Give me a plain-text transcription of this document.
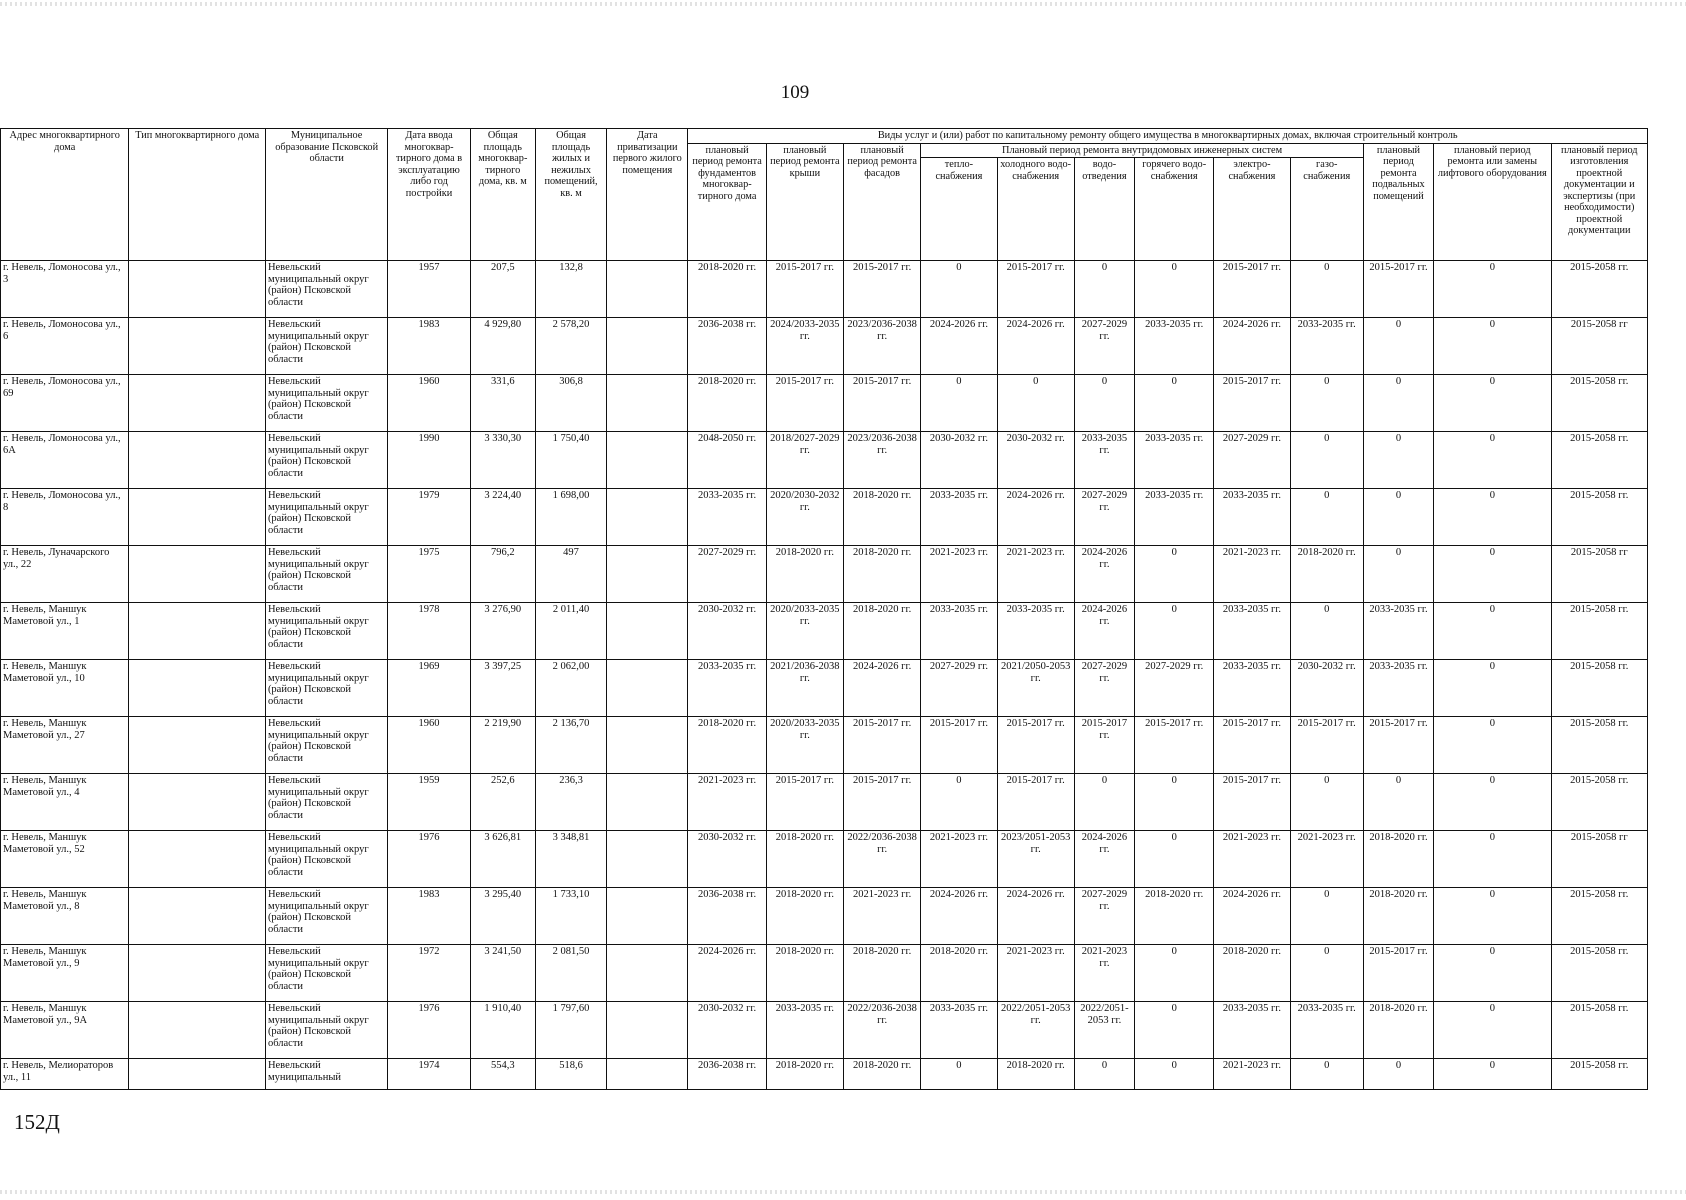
109
Адрес многоквартирного дома	Тип многоквартирного дома	Муниципальное образование Псковской области	Дата ввода многоквар-тирного дома в эксплуатацию либо год постройки	Общая площадь многоквар-тирного дома, кв. м	Общая площадь жилых и нежилых помещений, кв. м	Дата приватизации первого жилого помещения	Виды услуг и (или) работ по капитальному ремонту общего имущества в многоквартирных домах, включая строительный контроль											
							плановый период ремонта фундаментов многоквар-тирного дома	плановый период ремонта крыши	плановый период ремонта фасадов	Плановый период ремонта внутридомовых инженерных систем						плановый период ремонта подвальных помещений	плановый период ремонта или замены лифтового оборудования	плановый период изготовления проектной документации и экспертизы (при необходимости) проектной документации
										тепло-снабжения	холодного водо-снабжения	водо-отведения	горячего водо-снабжения	электро-снабжения	газо-снабжения			
г. Невель, Ломоносова ул., 3		Невельский муниципальный округ (район) Псковской области	1957	207,5	132,8		2018-2020 гг.	2015-2017 гг.	2015-2017 гг.	0	2015-2017 гг.	0	0	2015-2017 гг.	0	2015-2017 гг.	0	2015-2058 гг.
г. Невель, Ломоносова ул., 6		Невельский муниципальный округ (район) Псковской области	1983	4 929,80	2 578,20		2036-2038 гг.	2024/2033-2035 гг.	2023/2036-2038 гг.	2024-2026 гг.	2024-2026 гг.	2027-2029 гг.	2033-2035 гг.	2024-2026 гг.	2033-2035 гг.	0	0	2015-2058 гг
г. Невель, Ломоносова ул., 69		Невельский муниципальный округ (район) Псковской области	1960	331,6	306,8		2018-2020 гг.	2015-2017 гг.	2015-2017 гг.	0	0	0	0	2015-2017 гг.	0	0	0	2015-2058 гг.
г. Невель, Ломоносова ул., 6А		Невельский муниципальный округ (район) Псковской области	1990	3 330,30	1 750,40		2048-2050 гг.	2018/2027-2029 гг.	2023/2036-2038 гг.	2030-2032 гг.	2030-2032 гг.	2033-2035 гг.	2033-2035 гг.	2027-2029 гг.	0	0	0	2015-2058 гг.
г. Невель, Ломоносова ул., 8		Невельский муниципальный округ (район) Псковской области	1979	3 224,40	1 698,00		2033-2035 гг.	2020/2030-2032 гг.	2018-2020 гг.	2033-2035 гг.	2024-2026 гг.	2027-2029 гг.	2033-2035 гг.	2033-2035 гг.	0	0	0	2015-2058 гг.
г. Невель, Луначарского ул., 22		Невельский муниципальный округ (район) Псковской области	1975	796,2	497		2027-2029 гг.	2018-2020 гг.	2018-2020 гг.	2021-2023 гг.	2021-2023 гг.	2024-2026 гг.	0	2021-2023 гг.	2018-2020 гг.	0	0	2015-2058 гг
г. Невель, Маншук Маметовой ул., 1		Невельский муниципальный округ (район) Псковской области	1978	3 276,90	2 011,40		2030-2032 гг.	2020/2033-2035 гг.	2018-2020 гг.	2033-2035 гг.	2033-2035 гг.	2024-2026 гг.	0	2033-2035 гг.	0	2033-2035 гг.	0	2015-2058 гг.
г. Невель, Маншук Маметовой ул., 10		Невельский муниципальный округ (район) Псковской области	1969	3 397,25	2 062,00		2033-2035 гг.	2021/2036-2038 гг.	2024-2026 гг.	2027-2029 гг.	2021/2050-2053 гг.	2027-2029 гг.	2027-2029 гг.	2033-2035 гг.	2030-2032 гг.	2033-2035 гг.	0	2015-2058 гг.
г. Невель, Маншук Маметовой ул., 27		Невельский муниципальный округ (район) Псковской области	1960	2 219,90	2 136,70		2018-2020 гг.	2020/2033-2035 гг.	2015-2017 гг.	2015-2017 гг.	2015-2017 гг.	2015-2017 гг.	2015-2017 гг.	2015-2017 гг.	2015-2017 гг.	2015-2017 гг.	0	2015-2058 гг.
г. Невель, Маншук Маметовой ул., 4		Невельский муниципальный округ (район) Псковской области	1959	252,6	236,3		2021-2023 гг.	2015-2017 гг.	2015-2017 гг.	0	2015-2017 гг.	0	0	2015-2017 гг.	0	0	0	2015-2058 гг.
г. Невель, Маншук Маметовой ул., 52		Невельский муниципальный округ (район) Псковской области	1976	3 626,81	3 348,81		2030-2032 гг.	2018-2020 гг.	2022/2036-2038 гг.	2021-2023 гг.	2023/2051-2053 гг.	2024-2026 гг.	0	2021-2023 гг.	2021-2023 гг.	2018-2020 гг.	0	2015-2058 гг
г. Невель, Маншук Маметовой ул., 8		Невельский муниципальный округ (район) Псковской области	1983	3 295,40	1 733,10		2036-2038 гг.	2018-2020 гг.	2021-2023 гг.	2024-2026 гг.	2024-2026 гг.	2027-2029 гг.	2018-2020 гг.	2024-2026 гг.	0	2018-2020 гг.	0	2015-2058 гг.
г. Невель, Маншук Маметовой ул., 9		Невельский муниципальный округ (район) Псковской области	1972	3 241,50	2 081,50		2024-2026 гг.	2018-2020 гг.	2018-2020 гг.	2018-2020 гг.	2021-2023 гг.	2021-2023 гг.	0	2018-2020 гг.	0	2015-2017 гг.	0	2015-2058 гг.
г. Невель, Маншук Маметовой ул., 9А		Невельский муниципальный округ (район) Псковской области	1976	1 910,40	1 797,60		2030-2032 гг.	2033-2035 гг.	2022/2036-2038 гг.	2033-2035 гг.	2022/2051-2053 гг.	2022/2051-2053 гг.	0	2033-2035 гг.	2033-2035 гг.	2018-2020 гг.	0	2015-2058 гг.
г. Невель, Мелиораторов ул., 11		Невельский муниципальный	1974	554,3	518,6		2036-2038 гг.	2018-2020 гг.	2018-2020 гг.	0	2018-2020 гг.	0	0	2021-2023 гг.	0	0	0	2015-2058 гг.
152Д
